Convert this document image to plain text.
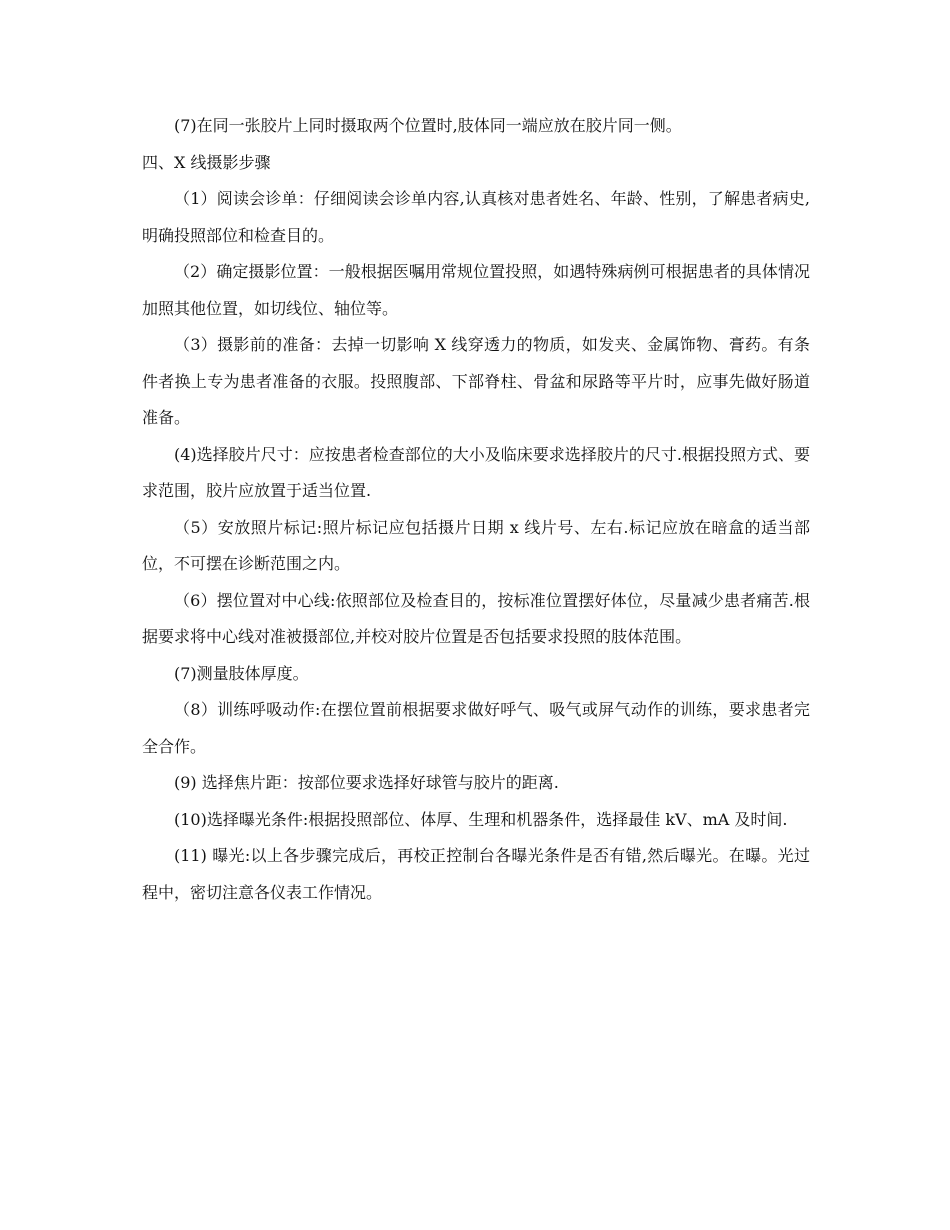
(7)在同一张胶片上同时摄取两个位置时,肢体同一端应放在胶片同一侧。

四、X 线摄影步骤

（1）阅读会诊单：仔细阅读会诊单内容,认真核对患者姓名、年龄、性别，了解患者病史,明确投照部位和检查目的。

（2）确定摄影位置：一般根据医嘱用常规位置投照，如遇特殊病例可根据患者的具体情况加照其他位置，如切线位、轴位等。

（3）摄影前的准备：去掉一切影响 X 线穿透力的物质，如发夹、金属饰物、膏药。有条件者换上专为患者准备的衣服。投照腹部、下部脊柱、骨盆和尿路等平片时，应事先做好肠道准备。

(4)选择胶片尺寸：应按患者检查部位的大小及临床要求选择胶片的尺寸.根据投照方式、要求范围，胶片应放置于适当位置.

（5）安放照片标记:照片标记应包括摄片日期 x 线片号、左右.标记应放在暗盒的适当部位，不可摆在诊断范围之内。

（6）摆位置对中心线:依照部位及检查目的，按标准位置摆好体位，尽量减少患者痛苦.根据要求将中心线对准被摄部位,并校对胶片位置是否包括要求投照的肢体范围。

(7)测量肢体厚度。

（8）训练呼吸动作:在摆位置前根据要求做好呼气、吸气或屏气动作的训练，要求患者完全合作。

(9) 选择焦片距：按部位要求选择好球管与胶片的距离.

(10)选择曝光条件:根据投照部位、体厚、生理和机器条件，选择最佳 kV、mA 及时间.

(11) 曝光:以上各步骤完成后，再校正控制台各曝光条件是否有错,然后曝光。在曝。光过程中，密切注意各仪表工作情况。
